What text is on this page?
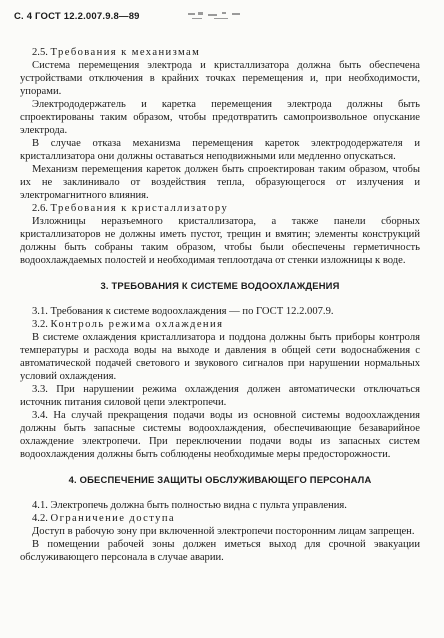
С. 4 ГОСТ 12.2.007.9.8—89

2.5. Требования к механизмам

Система перемещения электрода и кристаллизатора должна быть обеспечена устройствами отключения в крайних точках перемещения и, при необходимости, упорами.

Электрододержатель и каретка перемещения электрода должны быть спроектированы таким образом, чтобы предотвратить самопроизвольное опускание электрода.

В случае отказа механизма перемещения кареток электрододержателя и кристаллизатора они должны оставаться неподвижными или медленно опускаться.

Механизм перемещения кареток должен быть спроектирован таким образом, чтобы их не заклинивало от воздействия тепла, образующегося от излучения и электромагнитного влияния.

2.6. Требования к кристаллизатору

Изложницы неразъемного кристаллизатора, а также панели сборных кристаллизаторов не должны иметь пустот, трещин и вмятин; элементы конструкций должны быть собраны таким образом, чтобы были обеспечены герметичность водоохлаждаемых полостей и необходимая теплоотдача от стенки изложницы к воде.

3. ТРЕБОВАНИЯ К СИСТЕМЕ ВОДООХЛАЖДЕНИЯ

3.1. Требования к системе водоохлаждения — по ГОСТ 12.2.007.9.

3.2. Контроль режима охлаждения

В системе охлаждения кристаллизатора и поддона должны быть приборы контроля температуры и расхода воды на выходе и давления в общей сети водоснабжения с автоматической подачей светового и звукового сигналов при нарушении нормальных условий охлаждения.

3.3. При нарушении режима охлаждения должен автоматически отключаться источник питания силовой цепи электропечи.

3.4. На случай прекращения подачи воды из основной системы водоохлаждения должны быть запасные системы водоохлаждения, обеспечивающие безаварийное охлаждение электропечи. При переключении подачи воды из запасных систем водоохлаждения должны быть соблюдены необходимые меры предосторожности.

4. ОБЕСПЕЧЕНИЕ ЗАЩИТЫ ОБСЛУЖИВАЮЩЕГО ПЕРСОНАЛА

4.1. Электропечь должна быть полностью видна с пульта управления.

4.2. Ограничение доступа

Доступ в рабочую зону при включенной электропечи посторонним лицам запрещен.

В помещении рабочей зоны должен иметься выход для срочной эвакуации обслуживающего персонала в случае аварии.
